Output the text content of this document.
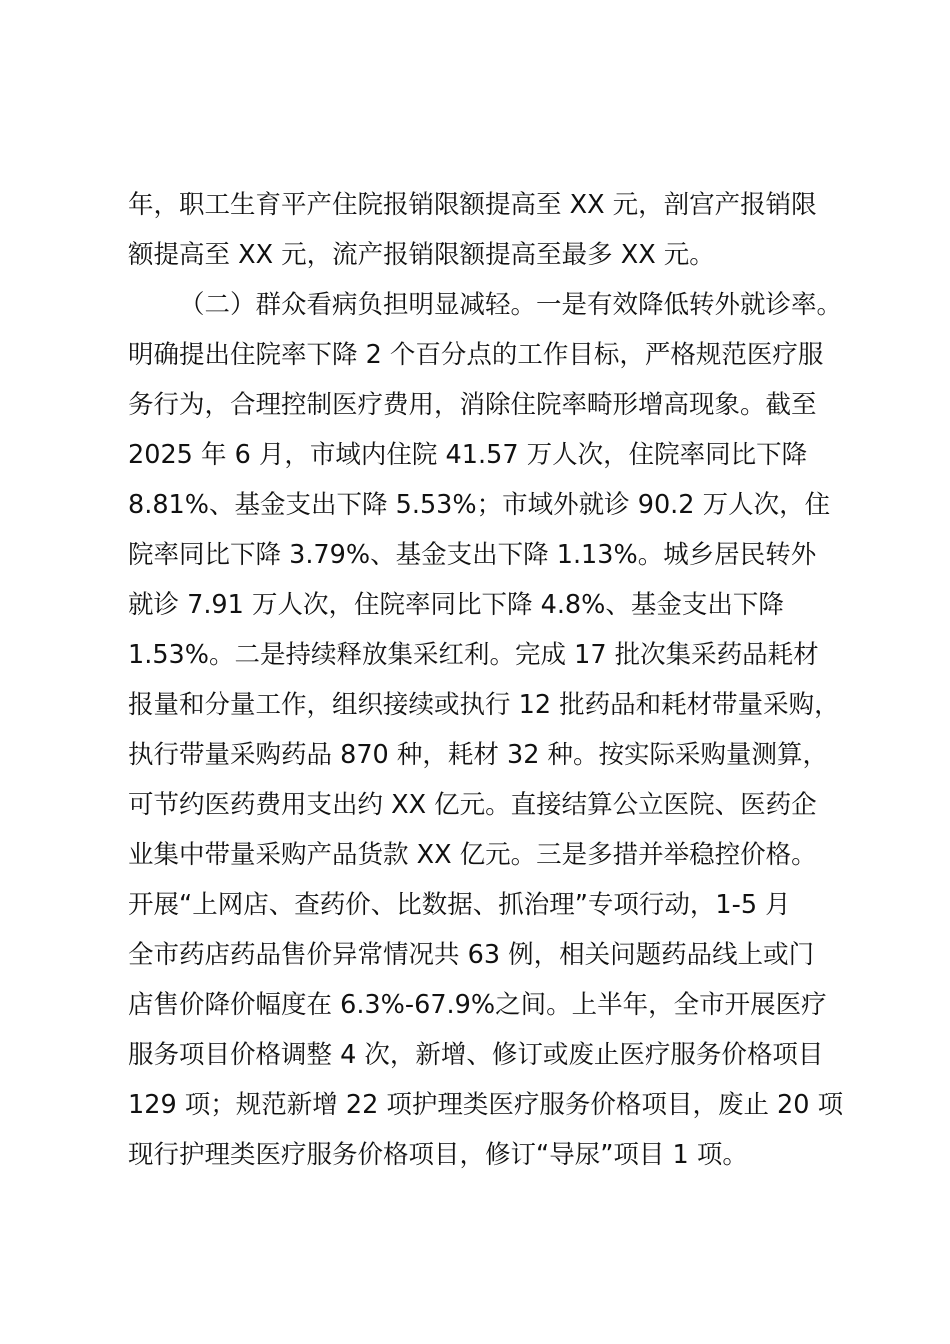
年，职工生育平产住院报销限额提高至 XX 元，剖宫产报销限

额提高至 XX 元，流产报销限额提高至最多 XX 元。

（二）群众看病负担明显减轻。一是有效降低转外就诊率。

明确提出住院率下降 2 个百分点的工作目标，严格规范医疗服

务行为，合理控制医疗费用，消除住院率畸形增高现象。截至

2025 年 6 月，市域内住院 41.57 万人次，住院率同比下降

8.81%、基金支出下降 5.53%；市域外就诊 90.2 万人次，住

院率同比下降 3.79%、基金支出下降 1.13%。城乡居民转外

就诊 7.91 万人次，住院率同比下降 4.8%、基金支出下降

1.53%。二是持续释放集采红利。完成 17 批次集采药品耗材

报量和分量工作，组织接续或执行 12 批药品和耗材带量采购，

执行带量采购药品 870 种，耗材 32 种。按实际采购量测算，

可节约医药费用支出约 XX 亿元。直接结算公立医院、医药企

业集中带量采购产品货款 XX 亿元。三是多措并举稳控价格。

开展“上网店、查药价、比数据、抓治理”专项行动，1-5 月

全市药店药品售价异常情况共 63 例，相关问题药品线上或门

店售价降价幅度在 6.3%-67.9%之间。上半年，全市开展医疗

服务项目价格调整 4 次，新增、修订或废止医疗服务价格项目

129 项；规范新增 22 项护理类医疗服务价格项目，废止 20 项

现行护理类医疗服务价格项目，修订“导尿”项目 1 项。
